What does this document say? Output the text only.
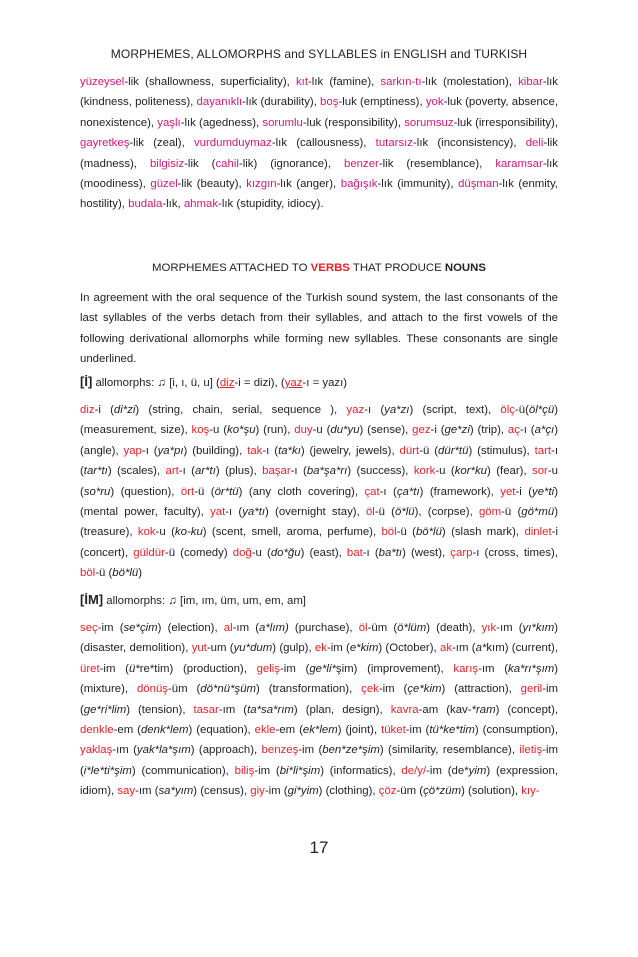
MORPHEMES, ALLOMORPHS and SYLLABLES in ENGLISH and TURKISH
yüzeysel-lik (shallowness, superficiality), kıt-lık (famine), sarkın-tı-lık (molestation), kibar-lık (kindness, politeness), dayanıklı-lık (durability), boş-luk (emptiness), yok-luk (poverty, absence, nonexistence), yaşlı-lık (agedness), sorumlu-luk (responsibility), sorumsuz-luk (irresponsibility), gayretkeş-lik (zeal), vurdumduymaz-lık (callousness), tutarsız-lık (inconsistency), deli-lik (madness), bilgisiz-lik (cahil-lik) (ignorance), benzer-lik (resemblance), karamsar-lık (moodiness), güzel-lik (beauty), kızgın-lık (anger), bağışık-lık (immunity), düşman-lık (enmity, hostility), budala-lık, ahmak-lık (stupidity, idiocy).
MORPHEMES ATTACHED TO VERBS THAT PRODUCE NOUNS
In agreement with the oral sequence of the Turkish sound system, the last consonants of the last syllables of the verbs detach from their syllables, and attach to the first vowels of the following derivational allomorphs while forming new syllables. These consonants are single underlined.
[İ] allomorphs: ♫ [i, ı, ü, u] (diz-i = dizi), (yaz-ı = yazı)
diz-i (di*zi) (string, chain, serial, sequence ), yaz-ı (ya*zı) (script, text), ölç-ü(öl*çü) (measurement, size), koş-u (ko*şu) (run), duy-u (du*yu) (sense), gez-i (ge*zi) (trip), aç-ı (a*çı) (angle), yap-ı (ya*pı) (building), tak-ı (ta*kı) (jewelry, jewels), dürt-ü (dür*tü) (stimulus), tart-ı (tar*tı) (scales), art-ı (ar*tı) (plus), başar-ı (ba*şa*rı) (success), kork-u (kor*ku) (fear), sor-u (so*ru) (question), ört-ü (ör*tü) (any cloth covering), çat-ı (ça*tı) (framework), yet-i (ye*ti) (mental power, faculty), yat-ı (ya*tı) (overnight stay), öl-ü (ö*lü), (corpse), göm-ü (gö*mü) (treasure), kok-u (ko-ku) (scent, smell, aroma, perfume), böl-ü (bö*lü) (slash mark), dinlet-i (concert), güldür-ü (comedy) doğ-u (do*ğu) (east), bat-ı (ba*tı) (west), çarp-ı (cross, times), böl-ü (bö*lü)
[İM] allomorphs: ♫ [im, ım, üm, um, em, am]
seç-im (se*çim) (election), al-ım (a*lım) (purchase), öl-üm (ö*lüm) (death), yık-ım (yı*kım) (disaster, demolition), yut-um (yu*dum) (gulp), ek-im (e*kim) (October), ak-ım (a*kım) (current), üret-im (ü*re*tim) (production), geliş-im (ge*li*şim) (improvement), karış-ım (ka*rı*şım) (mixture), dönüş-üm (dö*nü*şüm) (transformation), çek-im (çe*kim) (attraction), geril-im (ge*ri*lim) (tension), tasar-ım (ta*sa*rım) (plan, design), kavra-am (kav-*ram) (concept), denkle-em (denk*lem) (equation), ekle-em (ek*lem) (joint), tüket-im (tü*ke*tim) (consumption), yaklaş-ım (yak*la*şım) (approach), benzeş-im (ben*ze*şim) (similarity, resemblance), iletiş-im (i*le*ti*şim) (communication), biliş-im (bi*li*şim) (informatics), de/y/-im (de*yim) (expression, idiom), say-ım (sa*yım) (census), giy-im (gi*yim) (clothing), çöz-üm (çö*züm) (solution), kıy-
17
